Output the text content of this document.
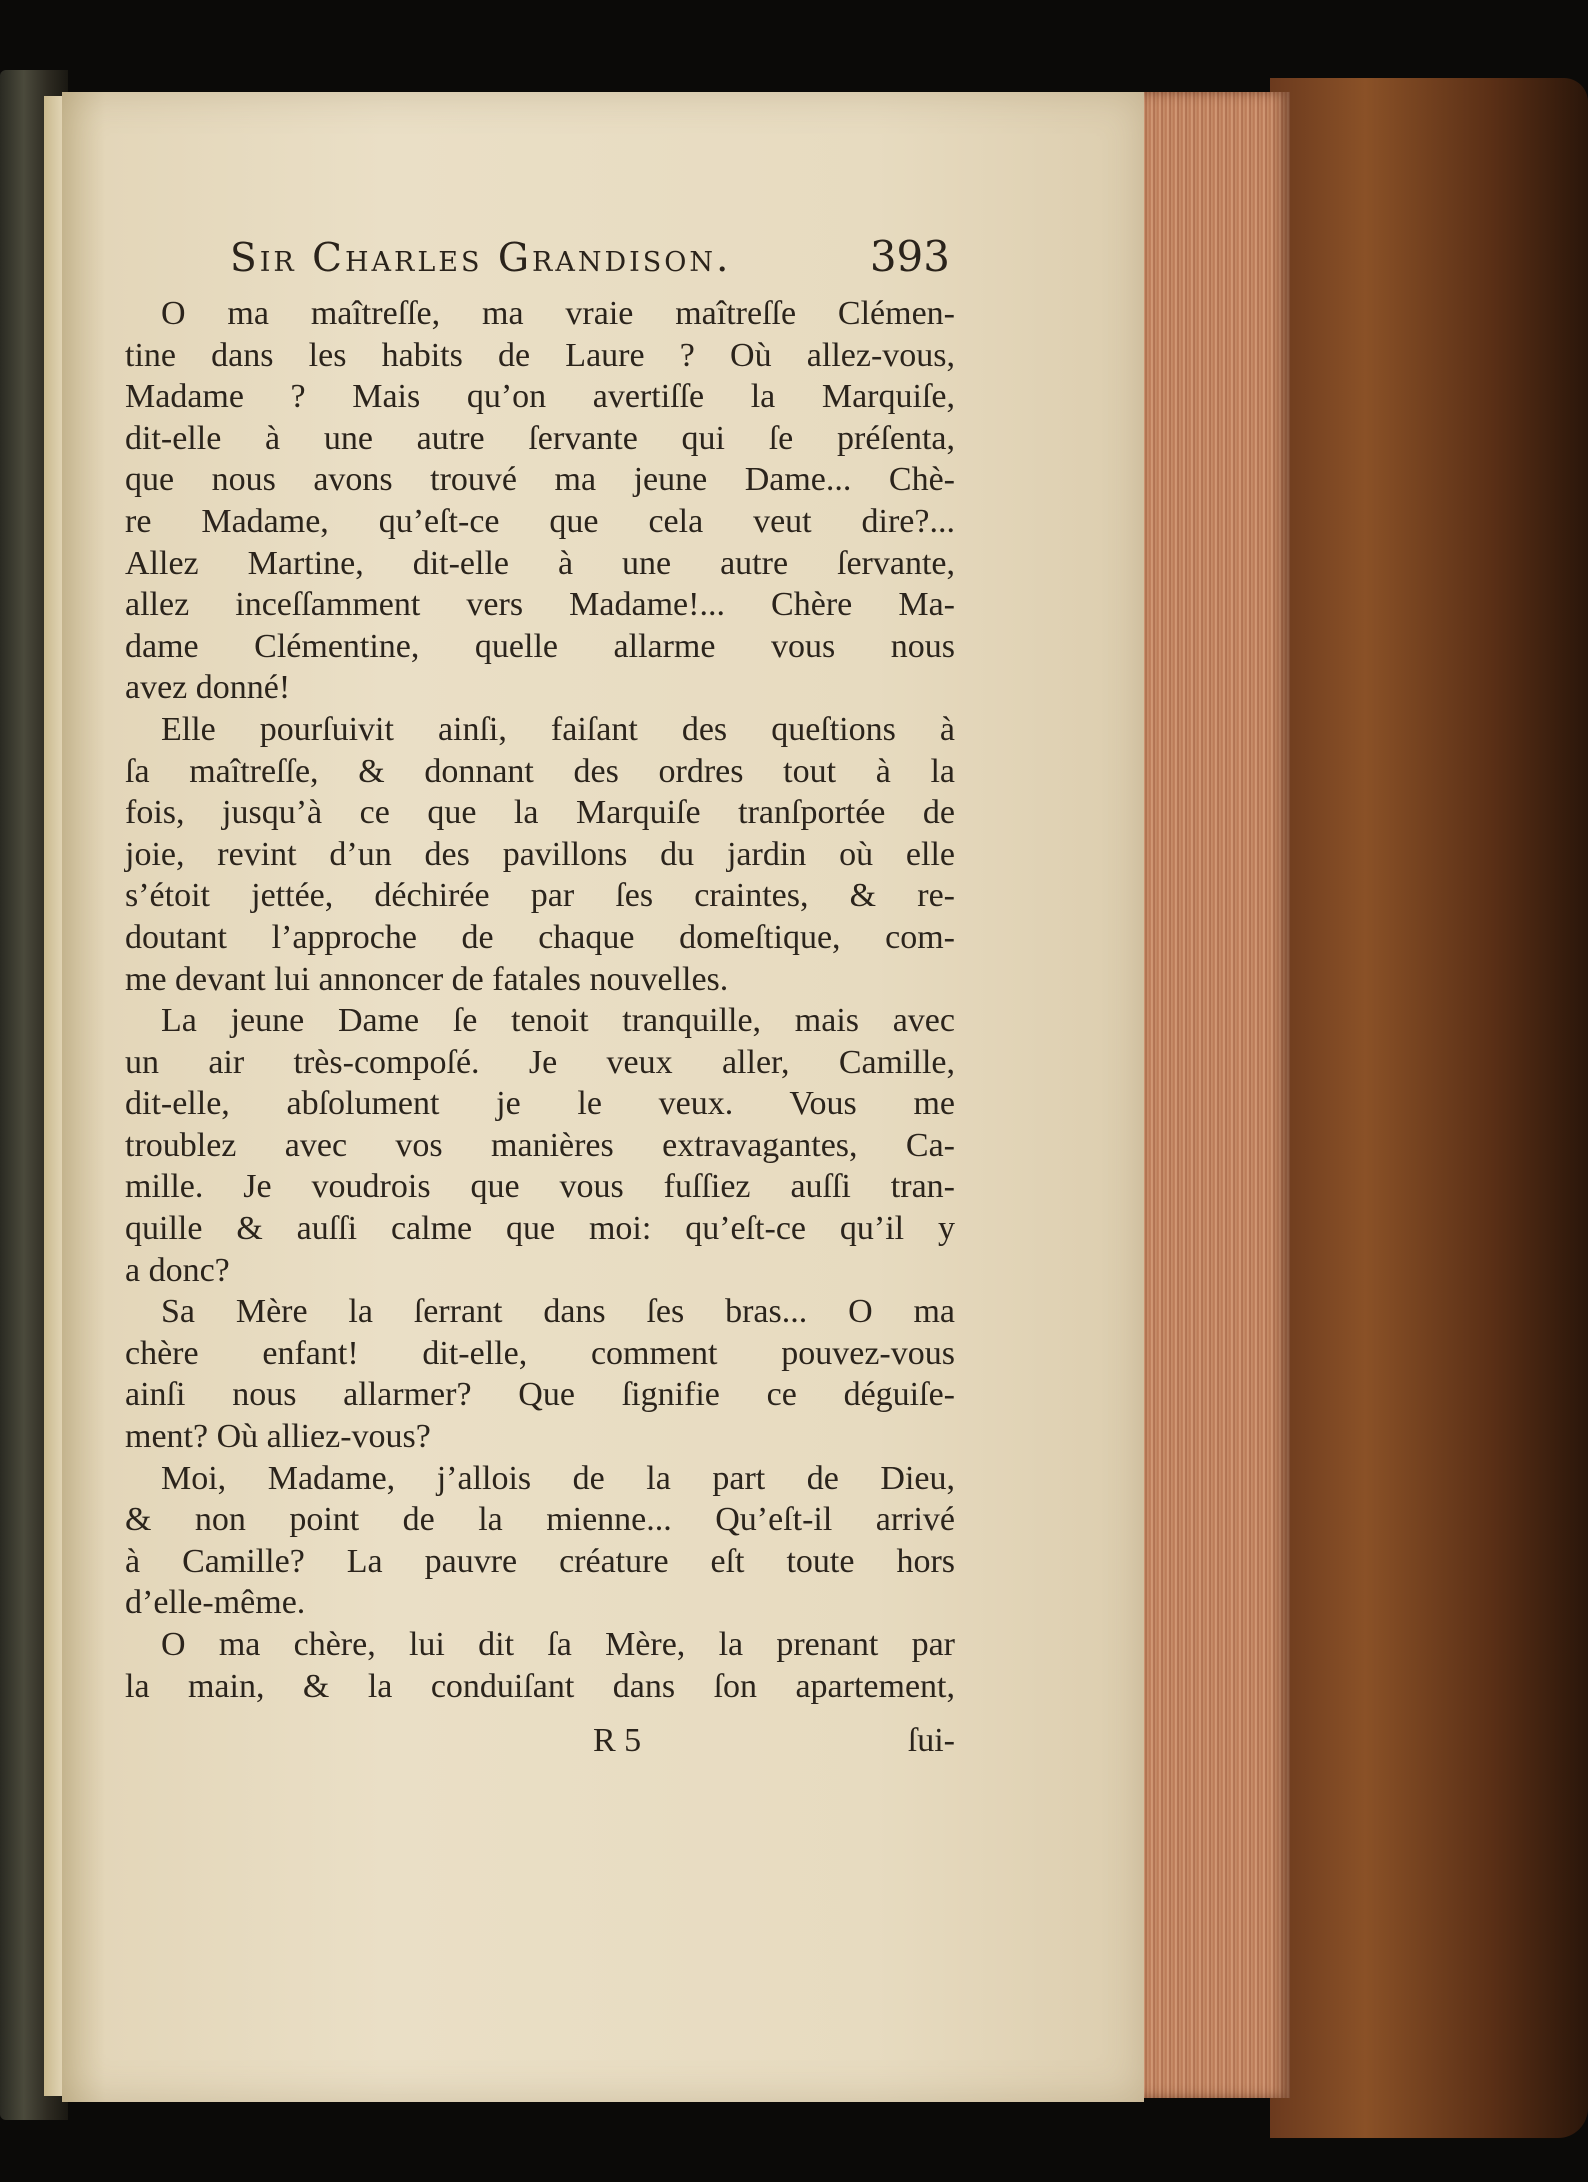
Sir Charles Grandison.	393
O ma maîtreſſe, ma vraie maîtreſſe Clémen-
tine dans les habits de Laure ? Où allez-vous,
Madame ? Mais qu’on avertiſſe la Marquiſe,
dit-elle à une autre ſervante qui ſe préſenta,
que nous avons trouvé ma jeune Dame... Chè-
re Madame, qu’eſt-ce que cela veut dire?...
Allez Martine, dit-elle à une autre ſervante,
allez inceſſamment vers Madame!... Chère Ma-
dame Clémentine, quelle allarme vous nous
avez donné!
Elle pourſuivit ainſi, faiſant des queſtions à
ſa maîtreſſe, & donnant des ordres tout à la
fois, jusqu’à ce que la Marquiſe tranſportée de
joie, revint d’un des pavillons du jardin où elle
s’étoit jettée, déchirée par ſes craintes, & re-
doutant l’approche de chaque domeſtique, com-
me devant lui annoncer de fatales nouvelles.
La jeune Dame ſe tenoit tranquille, mais avec
un air très-compoſé. Je veux aller, Camille,
dit-elle, abſolument je le veux. Vous me
troublez avec vos manières extravagantes, Ca-
mille. Je voudrois que vous fuſſiez auſſi tran-
quille & auſſi calme que moi: qu’eſt-ce qu’il y
a donc?
Sa Mère la ſerrant dans ſes bras... O ma
chère enfant! dit-elle, comment pouvez-vous
ainſi nous allarmer? Que ſignifie ce déguiſe-
ment? Où alliez-vous?
Moi, Madame, j’allois de la part de Dieu,
& non point de la mienne... Qu’eſt-il arrivé
à Camille? La pauvre créature eſt toute hors
d’elle-même.
O ma chère, lui dit ſa Mère, la prenant par
la main, & la conduiſant dans ſon apartement,
R 5	ſui-
